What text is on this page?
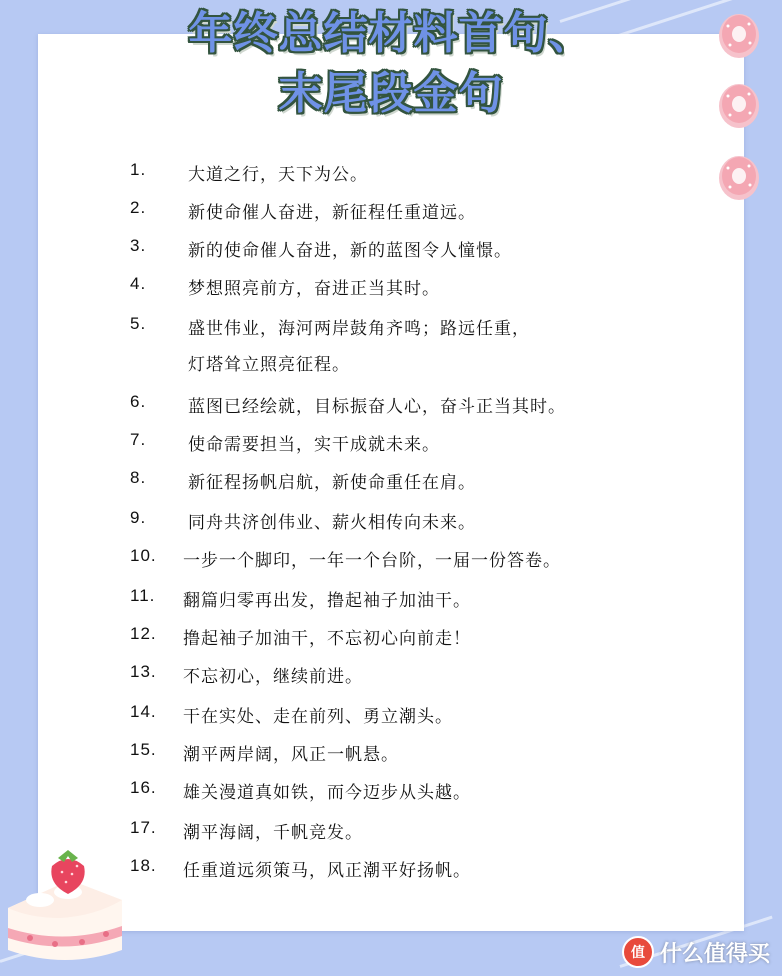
年终总结材料首句、
末尾段金句
1. 大道之行，天下为公。
2. 新使命催人奋进，新征程任重道远。
3. 新的使命催人奋进，新的蓝图令人憧憬。
4. 梦想照亮前方，奋进正当其时。
5. 盛世伟业，海河两岸鼓角齐鸣；路远任重，
灯塔耸立照亮征程。
6. 蓝图已经绘就，目标振奋人心，奋斗正当其时。
7. 使命需要担当，实干成就未来。
8. 新征程扬帆启航，新使命重任在肩。
9. 同舟共济创伟业、薪火相传向未来。
10. 一步一个脚印，一年一个台阶，一届一份答卷。
11. 翻篇归零再出发，撸起袖子加油干。
12. 撸起袖子加油干，不忘初心向前走！
13. 不忘初心，继续前进。
14. 干在实处、走在前列、勇立潮头。
15. 潮平两岸阔，风正一帆悬。
16. 雄关漫道真如铁，而今迈步从头越。
17. 潮平海阔，千帆竞发。
18. 任重道远须策马，风正潮平好扬帆。
值 什么值得买
